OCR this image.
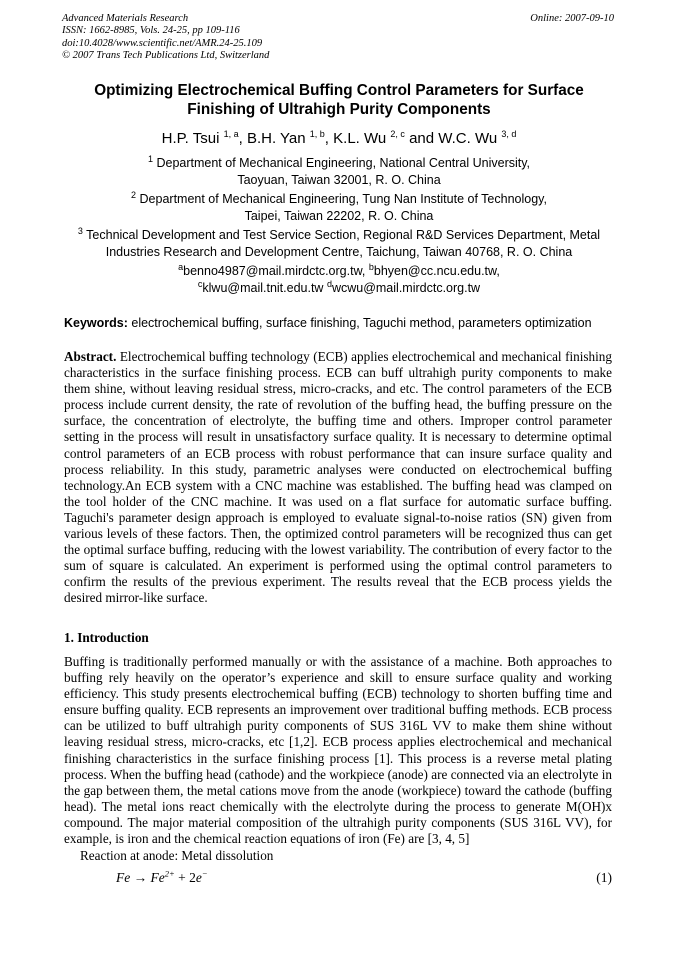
Advanced Materials Research
ISSN: 1662-8985, Vols. 24-25, pp 109-116
doi:10.4028/www.scientific.net/AMR.24-25.109
© 2007 Trans Tech Publications Ltd, Switzerland
Online: 2007-09-10
Optimizing Electrochemical Buffing Control Parameters for Surface
Finishing of Ultrahigh Purity Components
H.P. Tsui $^{1, a}$, B.H. Yan $^{1, b}$, K.L. Wu $^{2, c}$ and W.C. Wu $^{3, d}$
$^1$ Department of Mechanical Engineering, National Central University,
Taoyuan, Taiwan 32001, R. O. China
$^2$ Department of Mechanical Engineering, Tung Nan Institute of Technology,
Taipei, Taiwan 22202, R. O. China
$^3$ Technical Development and Test Service Section, Regional R&D Services Department, Metal
Industries Research and Development Centre, Taichung, Taiwan 40768, R. O. China
$^a$benno4987@mail.mirdctc.org.tw, $^b$bhyen@cc.ncu.edu.tw,
$^c$klwu@mail.tnit.edu.tw $^d$wcwu@mail.mirdctc.org.tw
Keywords: electrochemical buffing, surface finishing, Taguchi method, parameters optimization
Abstract. Electrochemical buffing technology (ECB) applies electrochemical and mechanical finishing characteristics in the surface finishing process. ECB can buff ultrahigh purity components to make them shine, without leaving residual stress, micro-cracks, and etc. The control parameters of the ECB process include current density, the rate of revolution of the buffing head, the buffing pressure on the surface, the concentration of electrolyte, the buffing time and others. Improper control parameter setting in the process will result in unsatisfactory surface quality. It is necessary to determine optimal control parameters of an ECB process with robust performance that can insure surface quality and process reliability. In this study, parametric analyses were conducted on electrochemical buffing technology.An ECB system with a CNC machine was established. The buffing head was clamped on the tool holder of the CNC machine. It was used on a flat surface for automatic surface buffing. Taguchi's parameter design approach is employed to evaluate signal-to-noise ratios (SN) given from various levels of these factors. Then, the optimized control parameters will be recognized thus can get the optimal surface buffing, reducing with the lowest variability. The contribution of every factor to the sum of square is calculated. An experiment is performed using the optimal control parameters to confirm the results of the previous experiment. The results reveal that the ECB process yields the desired mirror-like surface.
1. Introduction
Buffing is traditionally performed manually or with the assistance of a machine. Both approaches to buffing rely heavily on the operator’s experience and skill to ensure surface quality and working efficiency. This study presents electrochemical buffing (ECB) technology to shorten buffing time and ensure buffing quality. ECB represents an improvement over traditional buffing methods. ECB process can be utilized to buff ultrahigh purity components of SUS 316L VV to make them shine without leaving residual stress, micro-cracks, etc [1,2]. ECB process applies electrochemical and mechanical finishing characteristics in the surface finishing process [1]. This process is a reverse metal plating process. When the buffing head (cathode) and the workpiece (anode) are connected via an electrolyte in the gap between them, the metal cations move from the anode (workpiece) toward the cathode (buffing head). The metal ions react chemically with the electrolyte during the process to generate M(OH)x compound. The major material composition of the ultrahigh purity components (SUS 316L VV), for example, is iron and the chemical reaction equations of iron (Fe) are [3, 4, 5]
Reaction at anode: Metal dissolution
$Fe \to Fe^{2+} + 2e^-$	(1)
